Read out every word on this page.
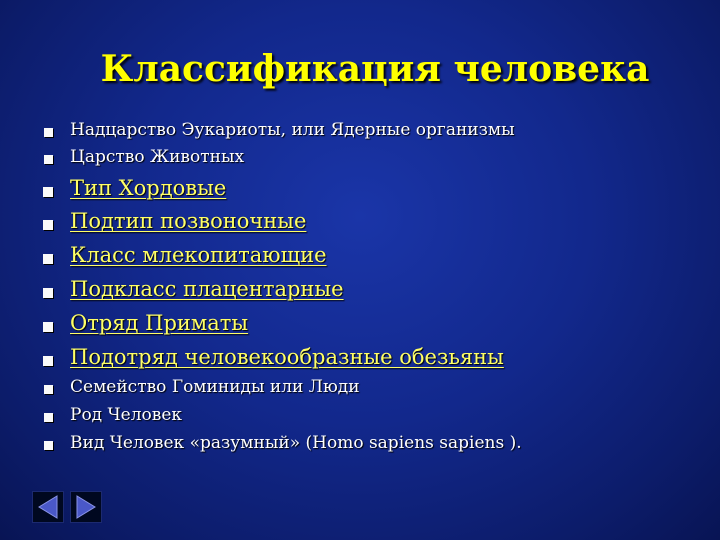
Классификация человека
Надцарство Эукариоты, или Ядерные организмы
Царство Животных
Тип Хордовые
Подтип позвоночные
Класс млекопитающие
Подкласс плацентарные
Отряд Приматы
Подотряд человекообразные обезьяны
Семейство Гоминиды или Люди
Род Человек
Вид Человек «разумный» (Homo sapiens sapiens ).
